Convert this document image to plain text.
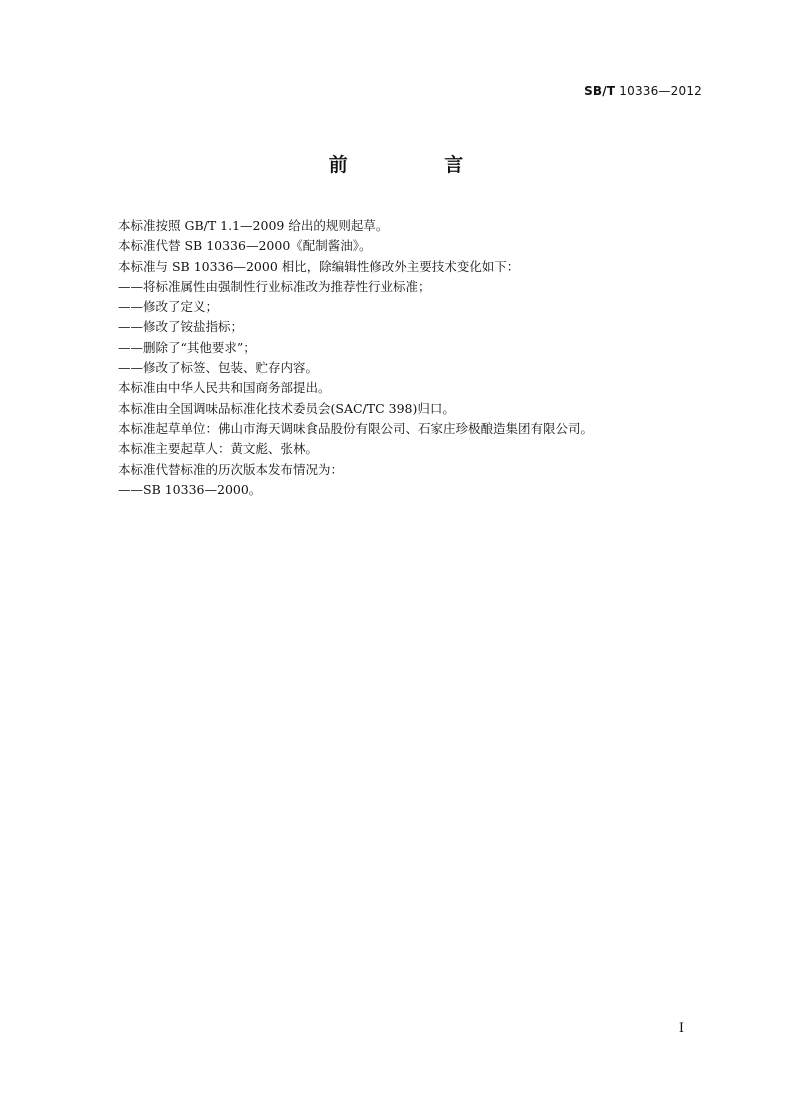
SB/T 10336—2012
前 言
本标准按照 GB/T 1.1—2009 给出的规则起草。
本标准代替 SB 10336—2000《配制酱油》。
本标准与 SB 10336—2000 相比，除编辑性修改外主要技术变化如下：
——将标准属性由强制性行业标准改为推荐性行业标准；
——修改了定义；
——修改了铵盐指标；
——删除了“其他要求”；
——修改了标签、包装、贮存内容。
本标准由中华人民共和国商务部提出。
本标准由全国调味品标准化技术委员会(SAC/TC 398)归口。
本标准起草单位：佛山市海天调味食品股份有限公司、石家庄珍极酿造集团有限公司。
本标准主要起草人：黄文彪、张林。
本标准代替标准的历次版本发布情况为：
——SB 10336—2000。
I
